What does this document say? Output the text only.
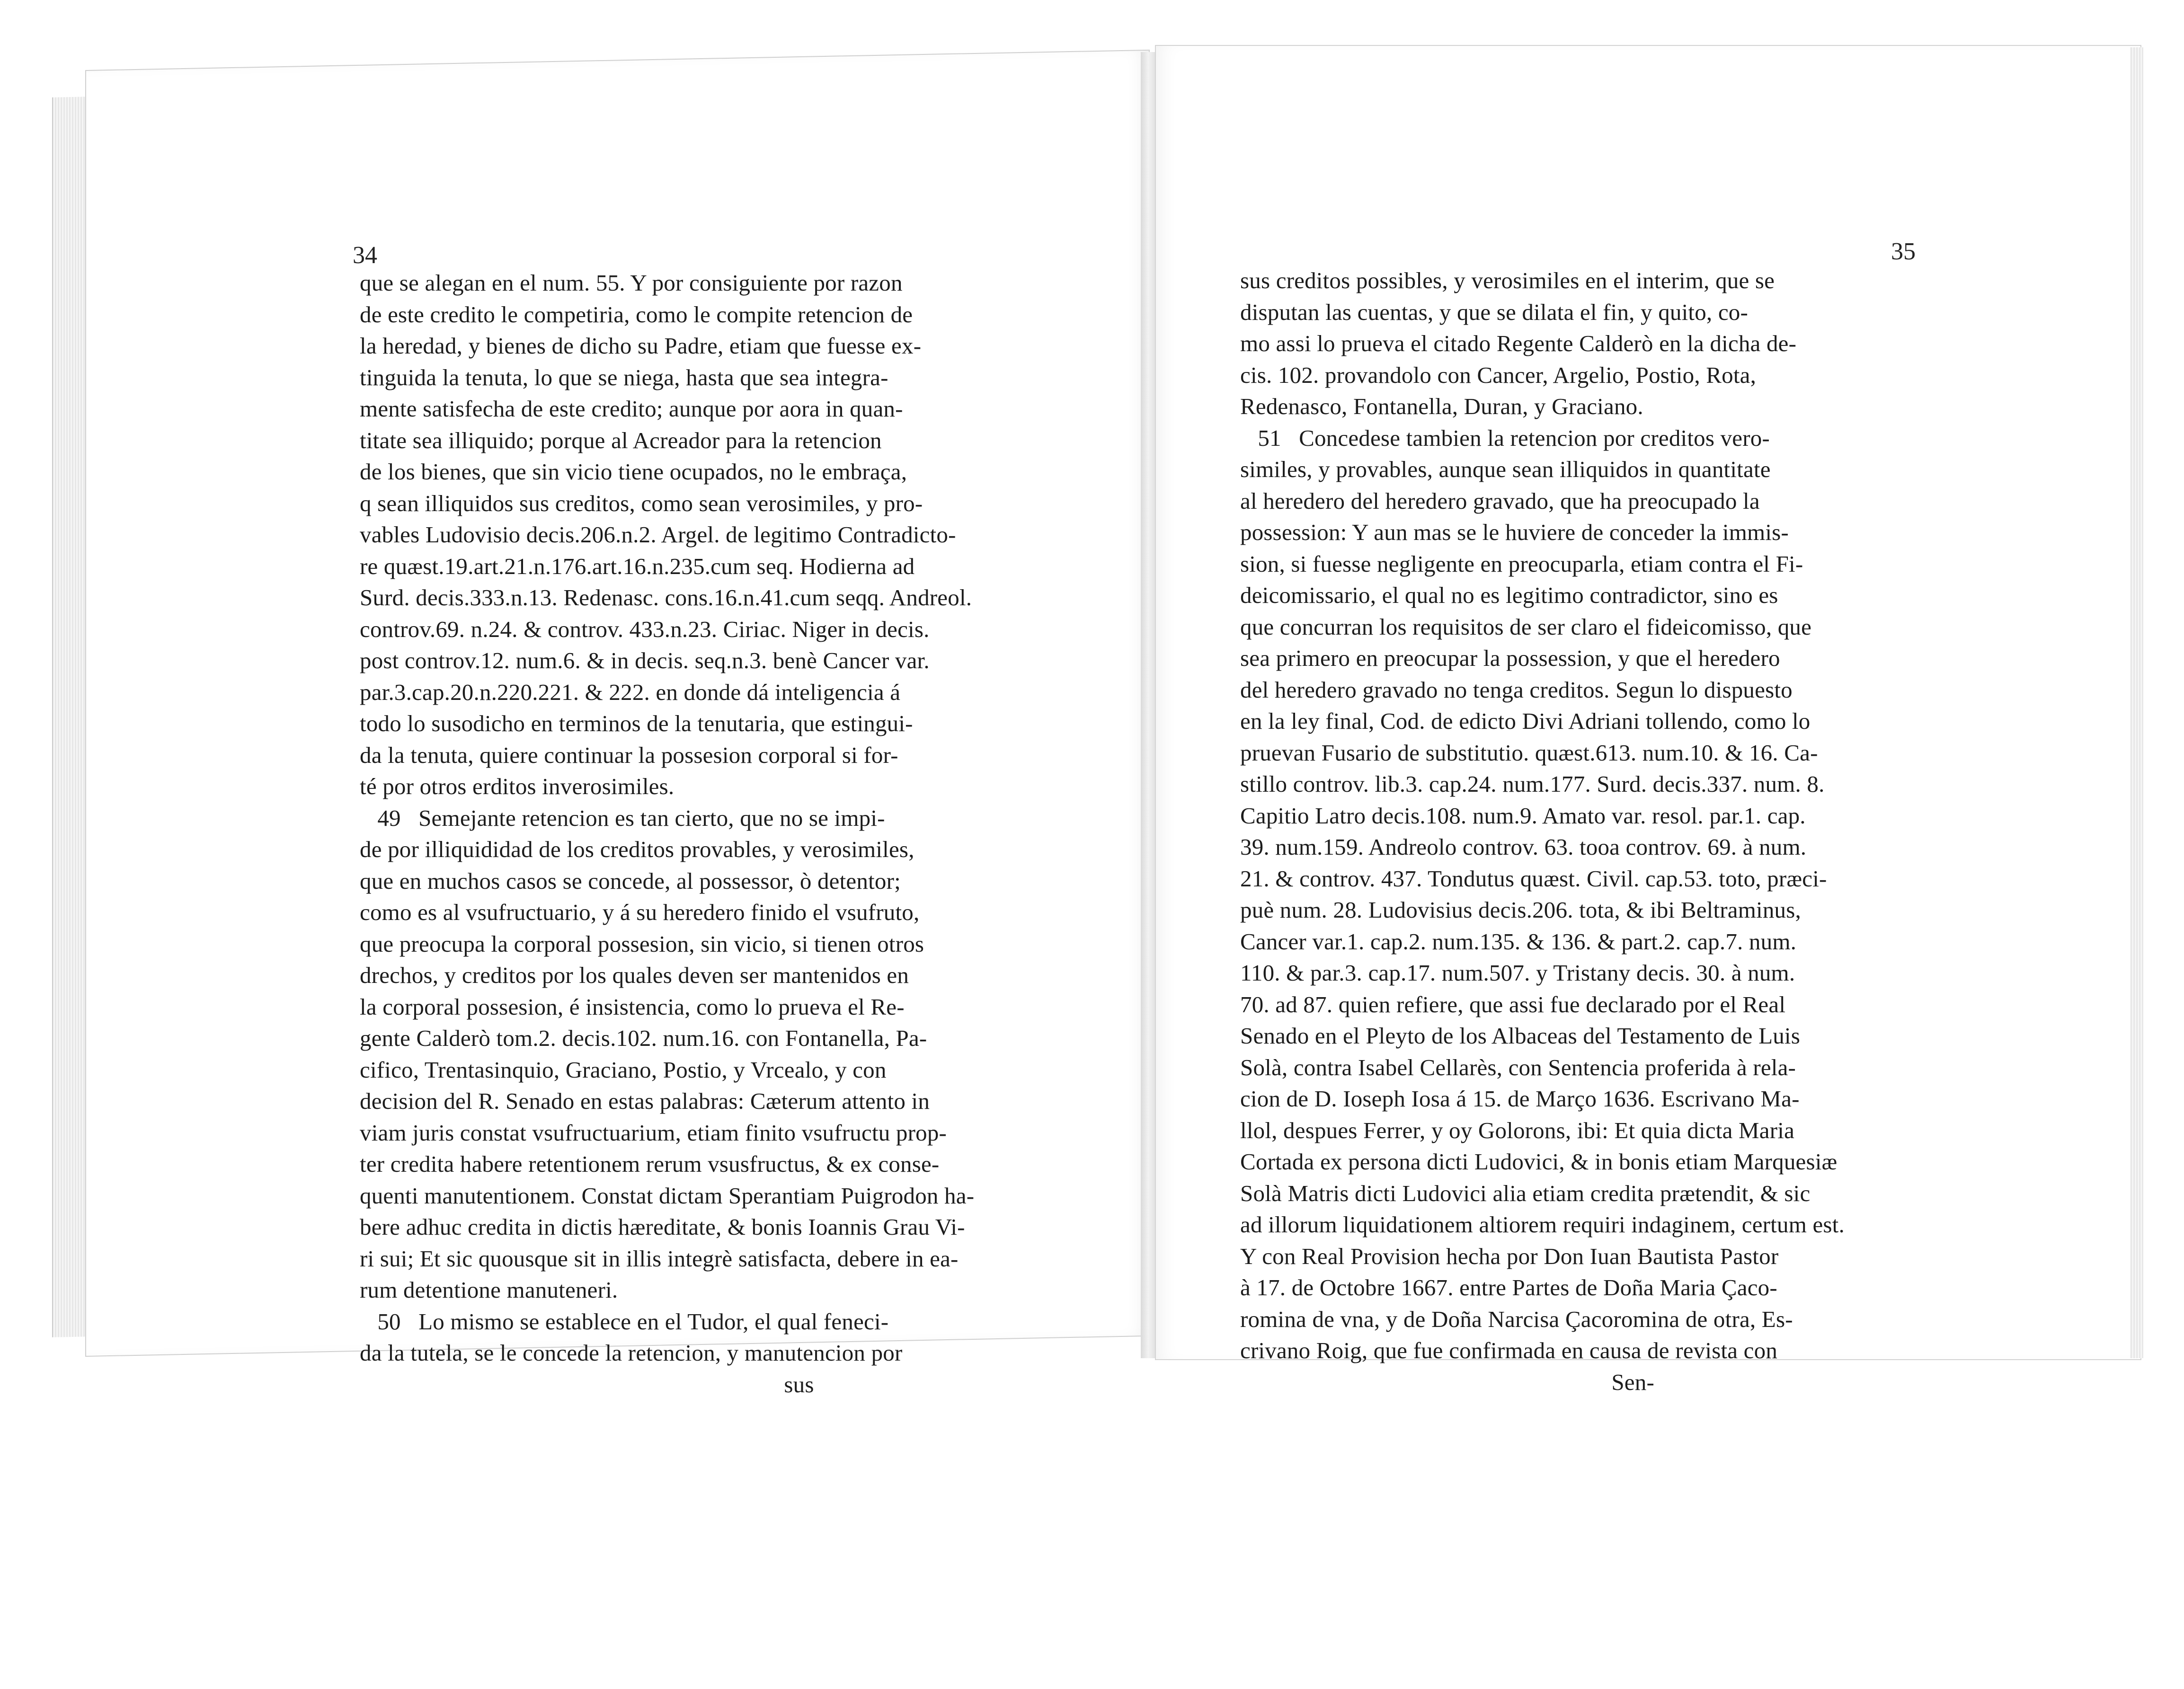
34	35
que se alegan en el num. 55. Y por consiguiente por razon
de este credito le competiria, como le compite retencion de
la heredad, y bienes de dicho su Padre, etiam que fuesse ex-
tinguida la tenuta, lo que se niega, hasta que sea integra-
mente satisfecha de este credito; aunque por aora in quan-
titate sea illiquido; porque al Acreador para la retencion
de los bienes, que sin vicio tiene ocupados, no le embraça,
q sean illiquidos sus creditos, como sean verosimiles, y pro-
vables Ludovisio decis.206.n.2. Argel. de legitimo Contradicto-
re quæst.19.art.21.n.176.art.16.n.235.cum seq. Hodierna ad
Surd. decis.333.n.13. Redenasc. cons.16.n.41.cum seqq. Andreol.
controv.69. n.24. & controv. 433.n.23. Ciriac. Niger in decis.
post controv.12. num.6. & in decis. seq.n.3. benè Cancer var.
par.3.cap.20.n.220.221. & 222. en donde dá inteligencia á
todo lo susodicho en terminos de la tenutaria, que estingui-
da la tenuta, quiere continuar la possesion corporal si for-
té por otros erditos inverosimiles.
49   Semejante retencion es tan cierto, que no se impi-
de por illiquididad de los creditos provables, y verosimiles,
que en muchos casos se concede, al possessor, ò detentor;
como es al vsufructuario, y á su heredero finido el vsufruto,
que preocupa la corporal possesion, sin vicio, si tienen otros
drechos, y creditos por los quales deven ser mantenidos en
la corporal possesion, é insistencia, como lo prueva el Re-
gente Calderò tom.2. decis.102. num.16. con Fontanella, Pa-
cifico, Trentasinquio, Graciano, Postio, y Vrcealo, y con
decision del R. Senado en estas palabras: Cæterum attento in
viam juris constat vsufructuarium, etiam finito vsufructu prop-
ter credita habere retentionem rerum vsusfructus, & ex conse-
quenti manutentionem. Constat dictam Sperantiam Puigrodon ha-
bere adhuc credita in dictis hæreditate, & bonis Ioannis Grau Vi-
ri sui; Et sic quousque sit in illis integrè satisfacta, debere in ea-
rum detentione manuteneri.
50   Lo mismo se establece en el Tudor, el qual feneci-
da la tutela, se le concede la retencion, y manutencion por
sus
sus creditos possibles, y verosimiles en el interim, que se
disputan las cuentas, y que se dilata el fin, y quito, co-
mo assi lo prueva el citado Regente Calderò en la dicha de-
cis. 102. provandolo con Cancer, Argelio, Postio, Rota,
Redenasco, Fontanella, Duran, y Graciano.
51   Concedese tambien la retencion por creditos vero-
similes, y provables, aunque sean illiquidos in quantitate
al heredero del heredero gravado, que ha preocupado la
possession: Y aun mas se le huviere de conceder la immis-
sion, si fuesse negligente en preocuparla, etiam contra el Fi-
deicomissario, el qual no es legitimo contradictor, sino es
que concurran los requisitos de ser claro el fideicomisso, que
sea primero en preocupar la possession, y que el heredero
del heredero gravado no tenga creditos. Segun lo dispuesto
en la ley final, Cod. de edicto Divi Adriani tollendo, como lo
pruevan Fusario de substitutio. quæst.613. num.10. & 16. Ca-
stillo controv. lib.3. cap.24. num.177. Surd. decis.337. num. 8.
Capitio Latro decis.108. num.9. Amato var. resol. par.1. cap.
39. num.159. Andreolo controv. 63. tooa controv. 69. à num.
21. & controv. 437. Tondutus quæst. Civil. cap.53. toto, præci-
puè num. 28. Ludovisius decis.206. tota, & ibi Beltraminus,
Cancer var.1. cap.2. num.135. & 136. & part.2. cap.7. num.
110. & par.3. cap.17. num.507. y Tristany decis. 30. à num.
70. ad 87. quien refiere, que assi fue declarado por el Real
Senado en el Pleyto de los Albaceas del Testamento de Luis
Solà, contra Isabel Cellarès, con Sentencia proferida à rela-
cion de D. Ioseph Iosa á 15. de Março 1636. Escrivano Ma-
llol, despues Ferrer, y oy Golorons, ibi: Et quia dicta Maria
Cortada ex persona dicti Ludovici, & in bonis etiam Marquesiæ
Solà Matris dicti Ludovici alia etiam credita prætendit, & sic
ad illorum liquidationem altiorem requiri indaginem, certum est.
Y con Real Provision hecha por Don Iuan Bautista Pastor
à 17. de Octobre 1667. entre Partes de Doña Maria Çaco-
romina de vna, y de Doña Narcisa Çacoromina de otra, Es-
crivano Roig, que fue confirmada en causa de revista con
Sen-
